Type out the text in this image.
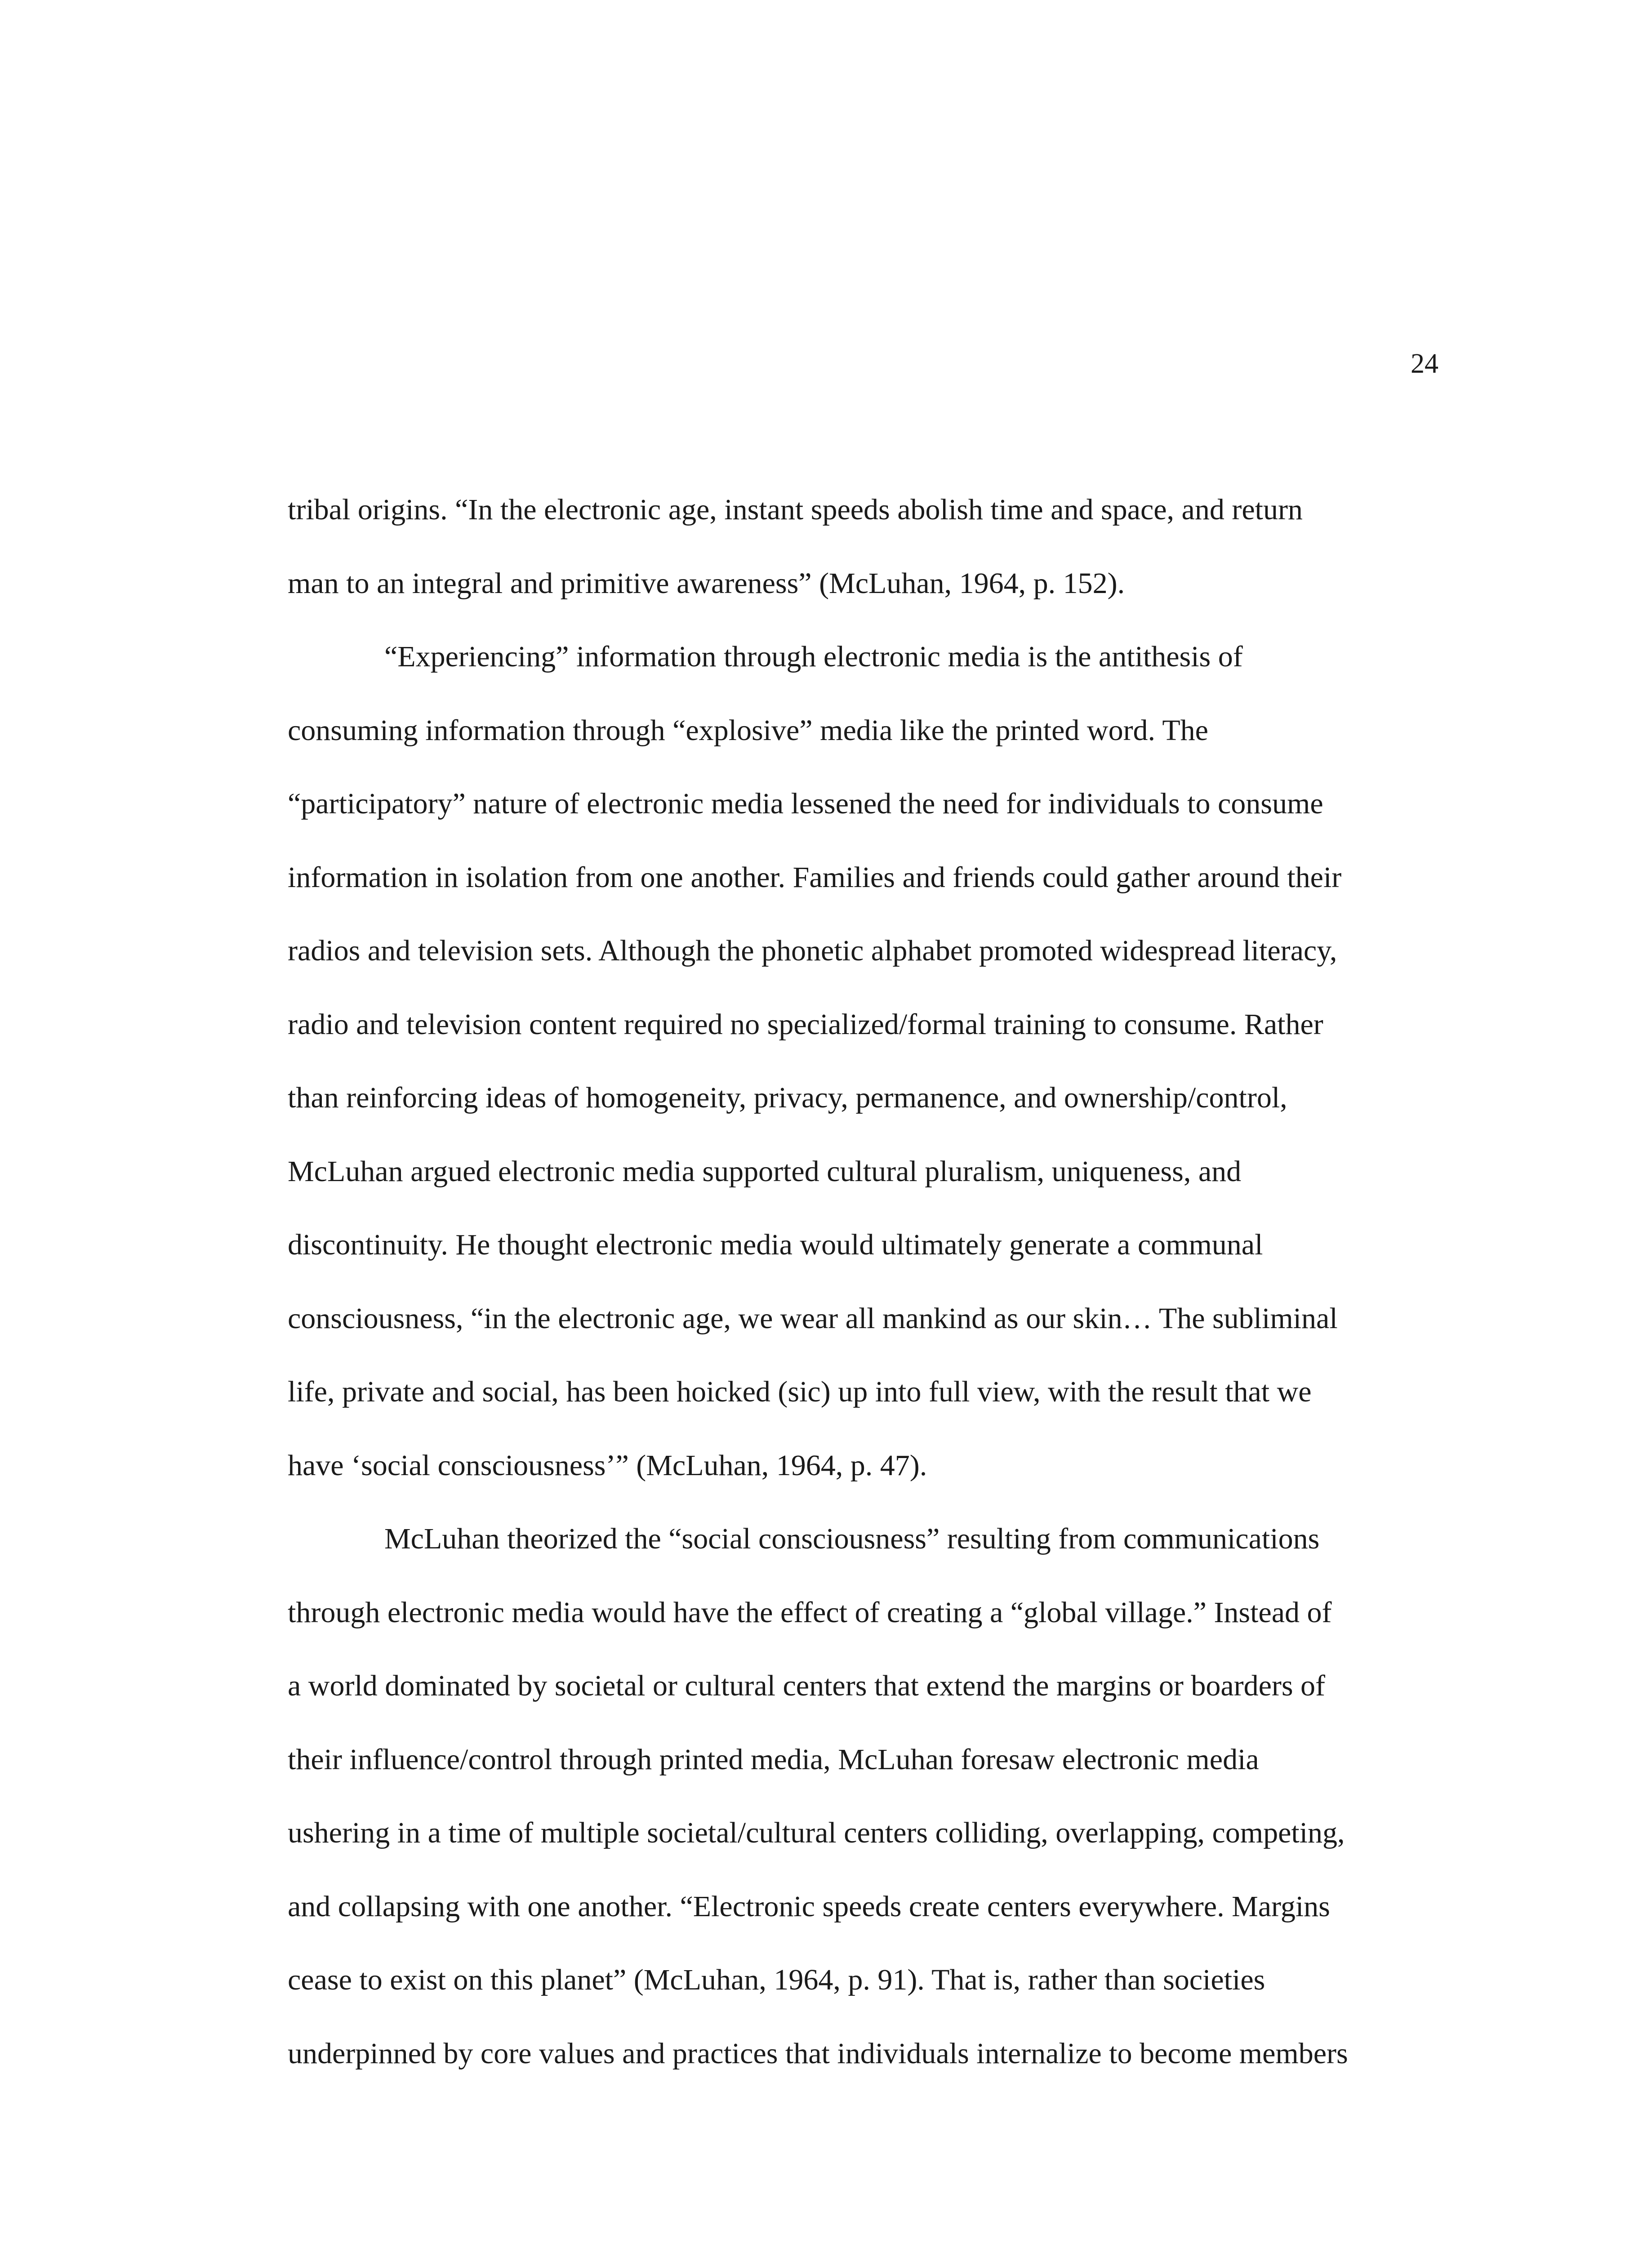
24
tribal origins. “In the electronic age, instant speeds abolish time and space, and return
man to an integral and primitive awareness” (McLuhan, 1964, p. 152).
“Experiencing” information through electronic media is the antithesis of
consuming information through “explosive” media like the printed word. The
“participatory” nature of electronic media lessened the need for individuals to consume
information in isolation from one another. Families and friends could gather around their
radios and television sets. Although the phonetic alphabet promoted widespread literacy,
radio and television content required no specialized/formal training to consume. Rather
than reinforcing ideas of homogeneity, privacy, permanence, and ownership/control,
McLuhan argued electronic media supported cultural pluralism, uniqueness, and
discontinuity. He thought electronic media would ultimately generate a communal
consciousness, “in the electronic age, we wear all mankind as our skin… The subliminal
life, private and social, has been hoicked (sic) up into full view, with the result that we
have ‘social consciousness’” (McLuhan, 1964, p. 47).
McLuhan theorized the “social consciousness” resulting from communications
through electronic media would have the effect of creating a “global village.” Instead of
a world dominated by societal or cultural centers that extend the margins or boarders of
their influence/control through printed media, McLuhan foresaw electronic media
ushering in a time of multiple societal/cultural centers colliding, overlapping, competing,
and collapsing with one another. “Electronic speeds create centers everywhere. Margins
cease to exist on this planet” (McLuhan, 1964, p. 91). That is, rather than societies
underpinned by core values and practices that individuals internalize to become members
